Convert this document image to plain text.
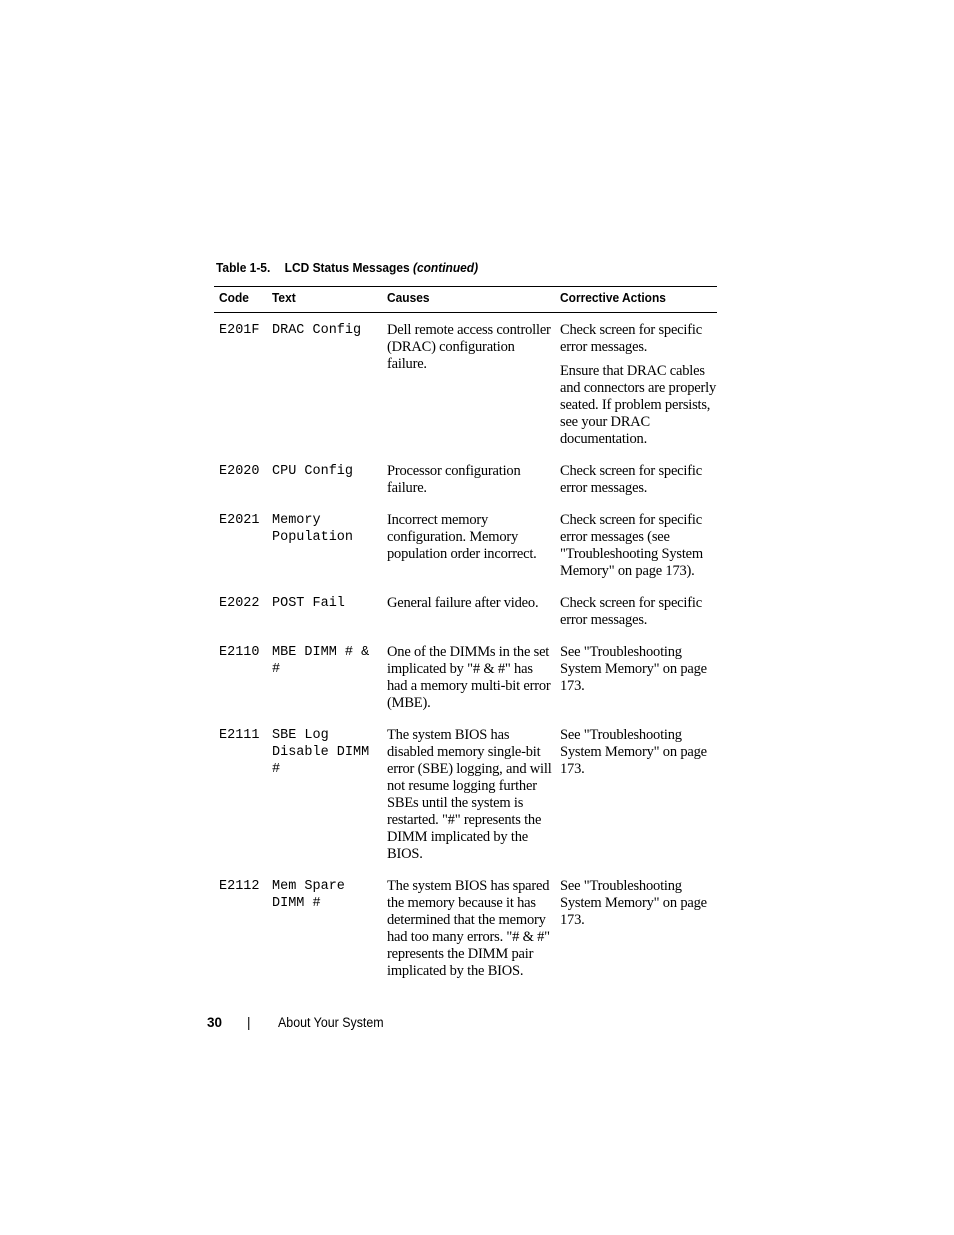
Table 1-5. LCD Status Messages (continued)
Code	Text	Causes	Corrective Actions
E201F	DRAC Config	Dell remote access controller (DRAC) configuration failure.	Check screen for specific error messages.

Ensure that DRAC cables and connectors are properly seated. If problem persists, see your DRAC documentation.

E2020	CPU Config	Processor configuration failure.	Check screen for specific error messages.

E2021	Memory Population	Incorrect memory configuration. Memory population order incorrect.	Check screen for specific error messages (see "Troubleshooting System Memory" on page 173).

E2022	POST Fail	General failure after video.	Check screen for specific error messages.

E2110	MBE DIMM # & #	One of the DIMMs in the set implicated by "# & #" has had a memory multi-bit error (MBE).	See "Troubleshooting System Memory" on page 173.

E2111	SBE Log Disable DIMM #	The system BIOS has disabled memory single-bit error (SBE) logging, and will not resume logging further SBEs until the system is restarted. "#" represents the DIMM implicated by the BIOS.	See "Troubleshooting System Memory" on page 173.

E2112	Mem Spare DIMM #	The system BIOS has spared the memory because it has determined that the memory had too many errors. "# & #" represents the DIMM pair implicated by the BIOS.	See "Troubleshooting System Memory" on page 173.

30 | About Your System
